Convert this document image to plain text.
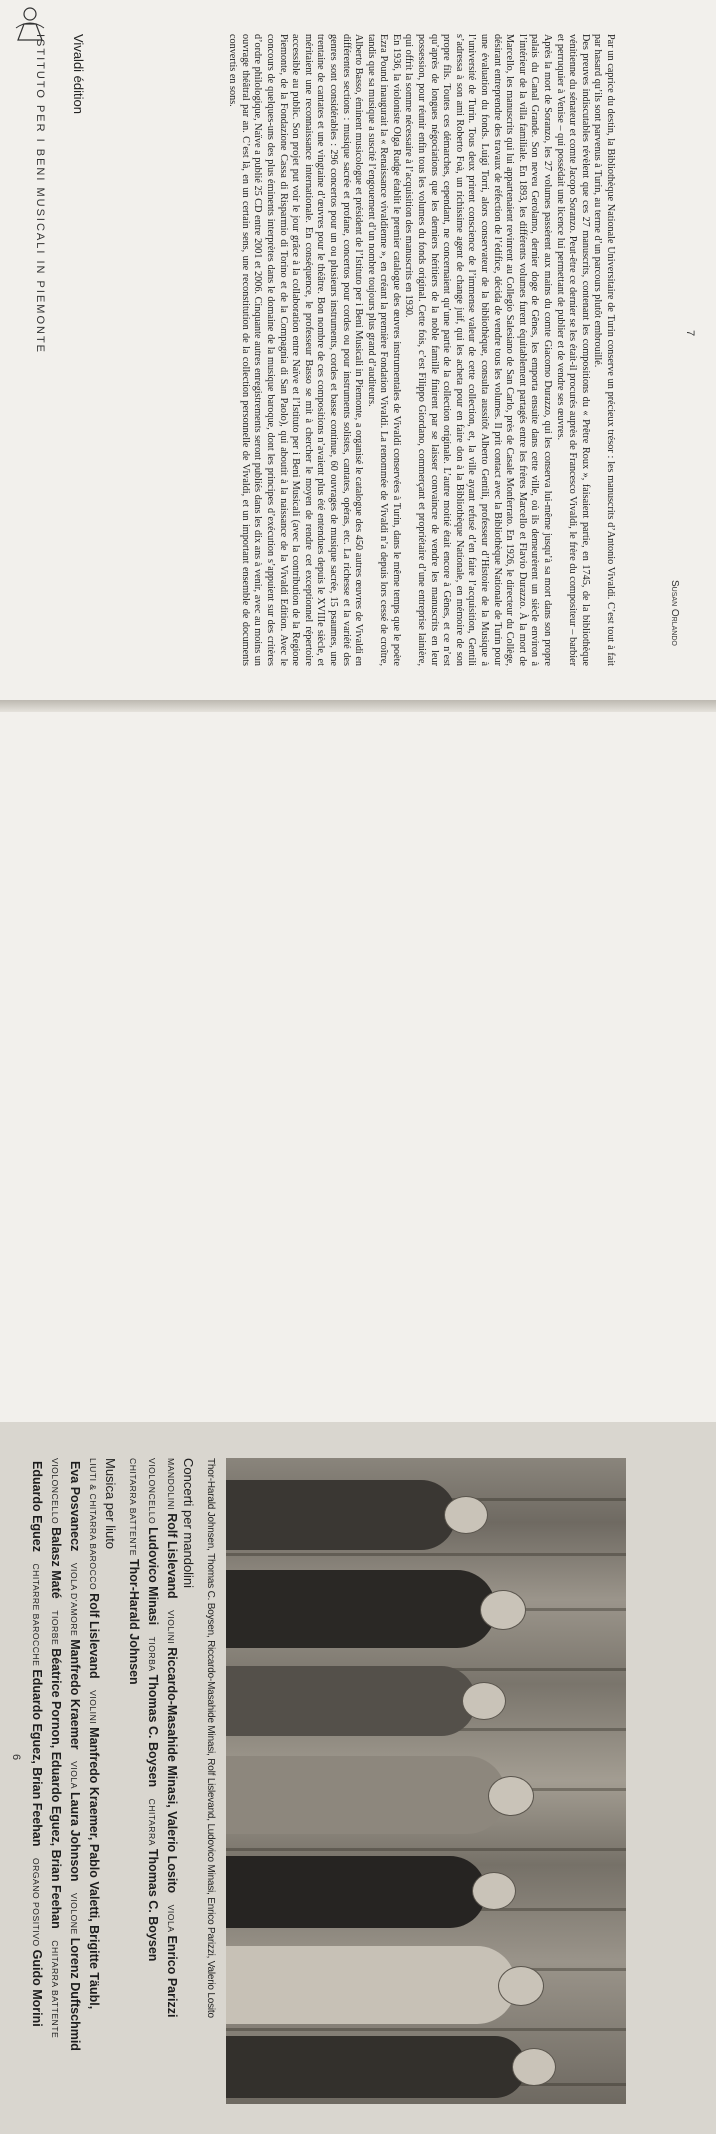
ISTITUTO PER I BENI MUSICALI IN PIEMONTE Vivaldi édition	Par un caprice du destin, la Bibliothèque Nationale Universitaire de Turin conserve un précieux trésor : les manuscrits d’Antonio Vivaldi. C’est tout à fait par hasard qu’ils sont parvenus à Turin, au terme d’un parcours plutôt embrouillé.

Des preuves indiscutables révèlent que ces 27 manuscrits, contenant les compositions du « Prêtre Roux », faisaient partie, en 1745, de la bibliothèque vénitienne du sénateur et comte Jacopo Soranzo. Peut-être ce dernier se les était-il procurés auprès de Francesco Vivaldi, le frère du compositeur – barbier et perruquier à Venise – qui possédait une licence lui permettant de publier et de vendre ses œuvres.

Après la mort de Soranzo, les 27 volumes passèrent aux mains du comte Giacomo Durazzo, qui les conserva lui-même jusqu’à sa mort dans son propre palais du Canal Grande. Son neveu Gerolamo, dernier doge de Gênes, les emporta ensuite dans cette ville, où ils demeurèrent un siècle environ à l’intérieur de la villa familiale. En 1893, les différents volumes furent équitablement partagés entre les frères Marcello et Flavio Durazzo. À la mort de Marcello, les manuscrits qui lui appartenaient revinrent au Collegio Salesiano de San Carlo, près de Casale Monferrato. En 1926, le directeur du Collège, désirant entreprendre des travaux de réfection de l’édifice, décida de vendre tous les volumes. Il prit contact avec la Bibliothèque Nationale de Turin pour une évaluation du fonds. Luigi Torri, alors conservateur de la bibliothèque, consulta aussitôt Alberto Gentili, professeur d’Histoire de la Musique à l’université de Turin. Tous deux prirent conscience de l’immense valeur de cette collection, et, la ville ayant refusé d’en faire l’acquisition, Gentili s’adressa à son ami Roberto Foà, un richissime agent de change juif, qui les acheta pour en faire don à la Bibliothèque Nationale, en mémoire de son propre fils. Toutes ces démarches, cependant, ne concernaient qu’une partie de la collection originale. L’autre moitié était encore à Gênes, et ce n’est qu’après de longues négociations que les derniers héritiers de la noble famille finirent par se laisser convaincre de vendre les manuscrits en leur possession, pour réunir enfin tous les volumes du fonds original. Cette fois, c’est Filippo Giordano, commerçant et propriétaire d’une entreprise lainière, qui offrit la somme nécessaire à l’acquisition des manuscrits en 1930.

En 1936, la violoniste Olga Rudge établit le premier catalogue des œuvres instrumentales de Vivaldi conservées à Turin, dans le même temps que le poète Ezra Pound inaugurait la « Renaissance vivaldienne », en créant la première Fondation Vivaldi. La renommée de Vivaldi n’a depuis lors cessé de croître, tandis que sa musique a suscité l’engouement d’un nombre toujours plus grand d’auditeurs.

Alberto Basso, éminent musicologue et président de l’Istituto per i Beni Musicali in Piemonte, a organisé le catalogue des 450 autres œuvres de Vivaldi en différentes sections : musique sacrée et profane, concertos pour cordes ou pour instruments solistes, cantates, opéras, etc. La richesse et la variété des genres sont considérables : 296 concertos pour un ou plusieurs instruments, cordes et basse continue, 60 ouvrages de musique sacrée, 15 psaumes, une trentaine de cantates et une vingtaine d’œuvres pour le théâtre. Bon nombre de ces compositions n’avaient plus été entendues depuis le XVIIIe siècle, et méritaient une reconnaissance internationale. En conséquence, le professeur Basso se mit à chercher le moyen de rendre cet exceptionnel répertoire accessible au public. Son projet put voir le jour grâce à la collaboration entre Naïve et l’Istituto per i Beni Musicali (avec la contribution de la Regione Piemonte, de la Fondazione Cassa di Risparmio di Torino et de la Compagnia di San Paolo), qui aboutit à la naissance de la Vivaldi Edition. Avec le concours de quelques-uns des plus éminents interprètes dans le domaine de la musique baroque, dont les principes d’exécution s’appuient sur des critères d’ordre philologique, Naïve a publié 25 CD entre 2001 et 2006. Cinquante autres enregistrements seront publiés dans les dix ans à venir, avec au moins un ouvrage théâtral par an. C’est là, en un certain sens, une reconstitution de la collection personnelle de Vivaldi, et un important ensemble de documents convertis en sons.

Susan Orlando
7
Thor-Harald Johnsen, Thomas C. Boysen, Riccardo-Masahide Minasi, Rolf Lislevand, Ludovico Minasi, Enrico Parizzi, Valerio Losito
Concerti per mandolini
MANDOLINIRolf Lislevand VIOLINIRiccardo-Masahide Minasi, Valerio Losito VIOLAEnrico Parizzi
VIOLONCELLOLudovico Minasi TIORBAThomas C. Boysen CHITARRAThomas C. Boysen
CHITARRA BATTENTEThor-Harald Johnsen
Musica per liuto
LIUTI & CHITARRA BAROCCORolf Lislevand VIOLINIManfredo Kraemer, Pablo Valetti, Brigitte Täubl,
Eva Posvanecz VIOLA D’AMOREManfredo Kraemer VIOLALaura Johnson VIOLONELorenz Duftschmid
VIOLONCELLOBalasz Maté TIORBEBéatrice Pornon, Eduardo Eguez, Brian Feehan CHITARRA BATTENTE
Eduardo Eguez CHITARRE BAROCCHEEduardo Eguez, Brian Feehan ORGANO POSITIVOGuido Morini
6
